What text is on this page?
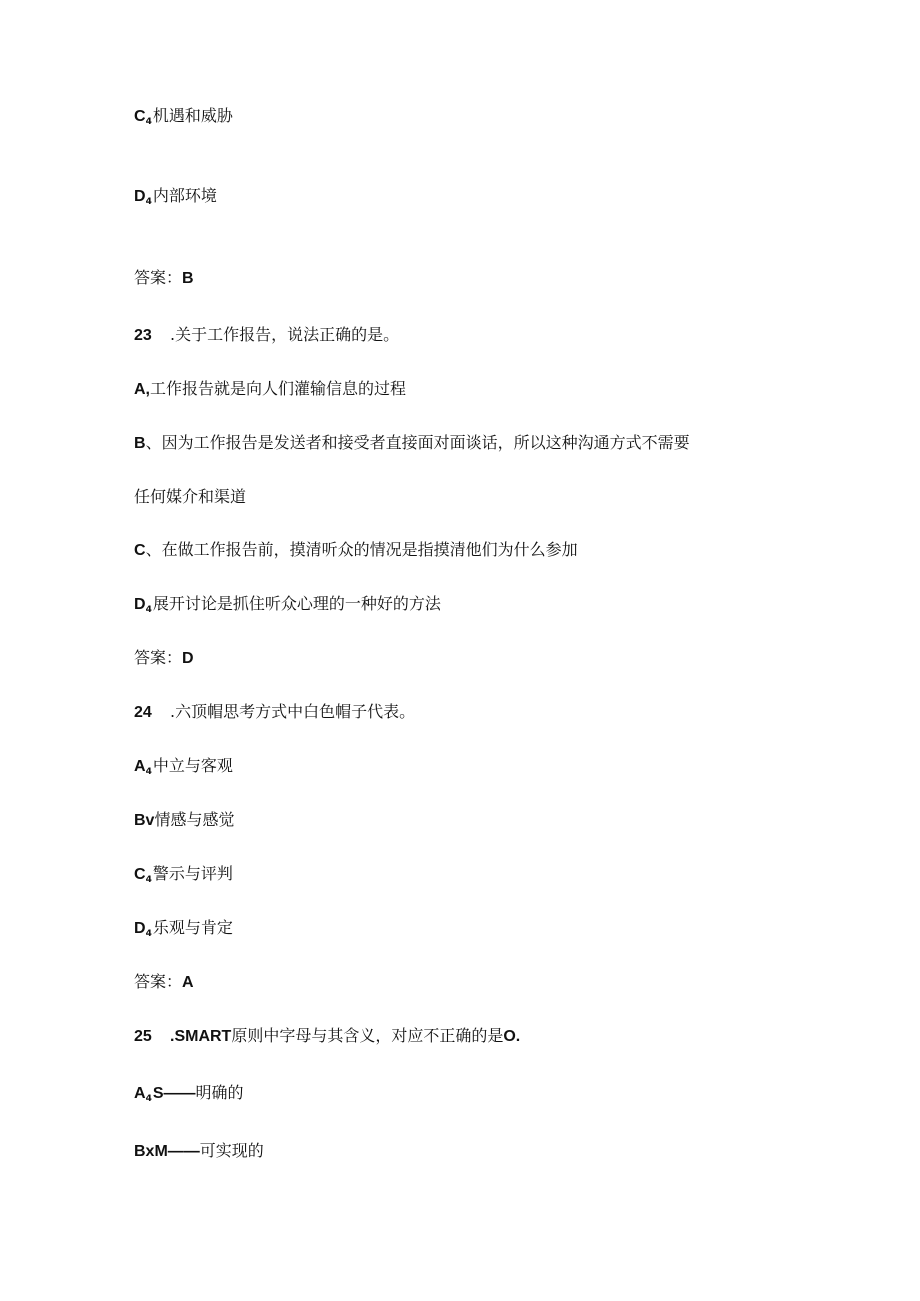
$C_4$机遇和威胁
$D_4$内部环境
答案：B
23 .关于工作报告，说法正确的是。
A,工作报告就是向人们灌输信息的过程
B、因为工作报告是发送者和接受者直接面对面谈话，所以这种沟通方式不需要
任何媒介和渠道
C、在做工作报告前，摸清听众的情况是指摸清他们为什么参加
$D_4$展开讨论是抓住听众心理的一种好的方法
答案：D
24 .六顶帽思考方式中白色帽子代表。
$A_4$中立与客观
Bv情感与感觉
$C_4$警示与评判
$D_4$乐观与肯定
答案：A
25 .SMART原则中字母与其含义，对应不正确的是O.
$A_4S——$明确的
BxM——可实现的
